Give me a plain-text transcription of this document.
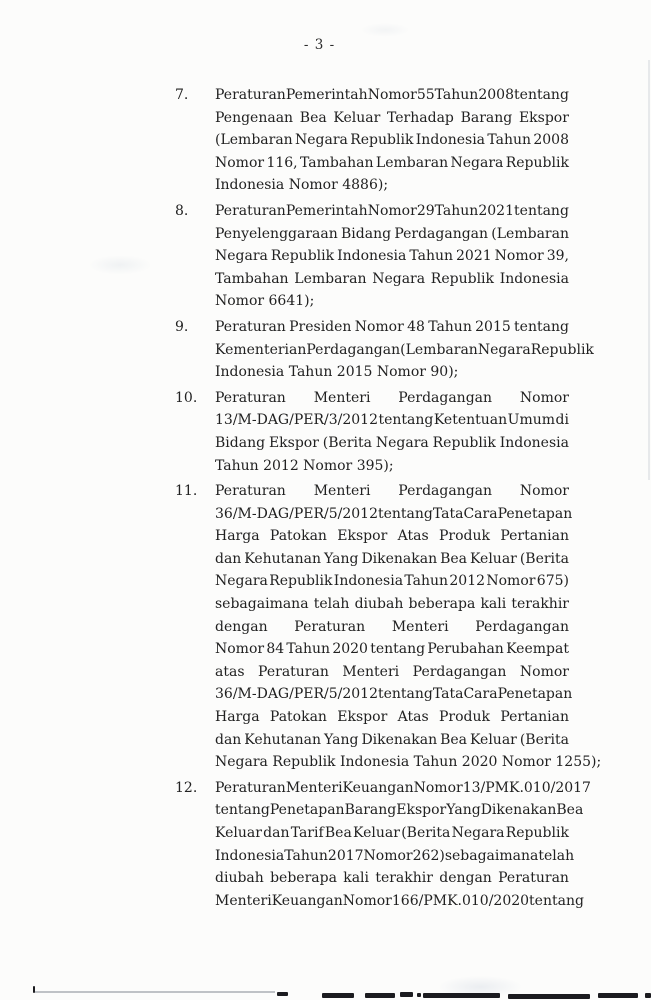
- 3 -
7.	Peraturan Pemerintah Nomor 55 Tahun 2008 tentang
Pengenaan Bea Keluar Terhadap Barang Ekspor
(Lembaran Negara Republik Indonesia Tahun 2008
Nomor 116, Tambahan Lembaran Negara Republik
Indonesia Nomor 4886);
8.	Peraturan Pemerintah Nomor 29 Tahun 2021 tentang
Penyelenggaraan Bidang Perdagangan (Lembaran
Negara Republik Indonesia Tahun 2021 Nomor 39,
Tambahan Lembaran Negara Republik Indonesia
Nomor 6641);
9.	Peraturan Presiden Nomor 48 Tahun 2015 tentang
Kementerian Perdagangan (Lembaran Negara Republik
Indonesia Tahun 2015 Nomor 90);
10.	Peraturan Menteri Perdagangan Nomor
13/M-DAG/PER/3/2012 tentang Ketentuan Umum di
Bidang Ekspor (Berita Negara Republik Indonesia
Tahun 2012 Nomor 395);
11.	Peraturan Menteri Perdagangan Nomor
36/M-DAG/PER/5/2012 tentang Tata Cara Penetapan
Harga Patokan Ekspor Atas Produk Pertanian
dan Kehutanan Yang Dikenakan Bea Keluar (Berita
Negara Republik Indonesia Tahun 2012 Nomor 675)
sebagaimana telah diubah beberapa kali terakhir
dengan Peraturan Menteri Perdagangan
Nomor 84 Tahun 2020 tentang Perubahan Keempat
atas Peraturan Menteri Perdagangan Nomor
36/M-DAG/PER/5/2012 tentang Tata Cara Penetapan
Harga Patokan Ekspor Atas Produk Pertanian
dan Kehutanan Yang Dikenakan Bea Keluar (Berita
Negara Republik Indonesia Tahun 2020 Nomor 1255);
12.	Peraturan Menteri Keuangan Nomor 13/PMK.010/2017
tentang Penetapan Barang Ekspor Yang Dikenakan Bea
Keluar dan Tarif Bea Keluar (Berita Negara Republik
Indonesia Tahun 2017 Nomor 262) sebagaimana telah
diubah beberapa kali terakhir dengan Peraturan
Menteri Keuangan Nomor 166/PMK.010/2020 tentang
